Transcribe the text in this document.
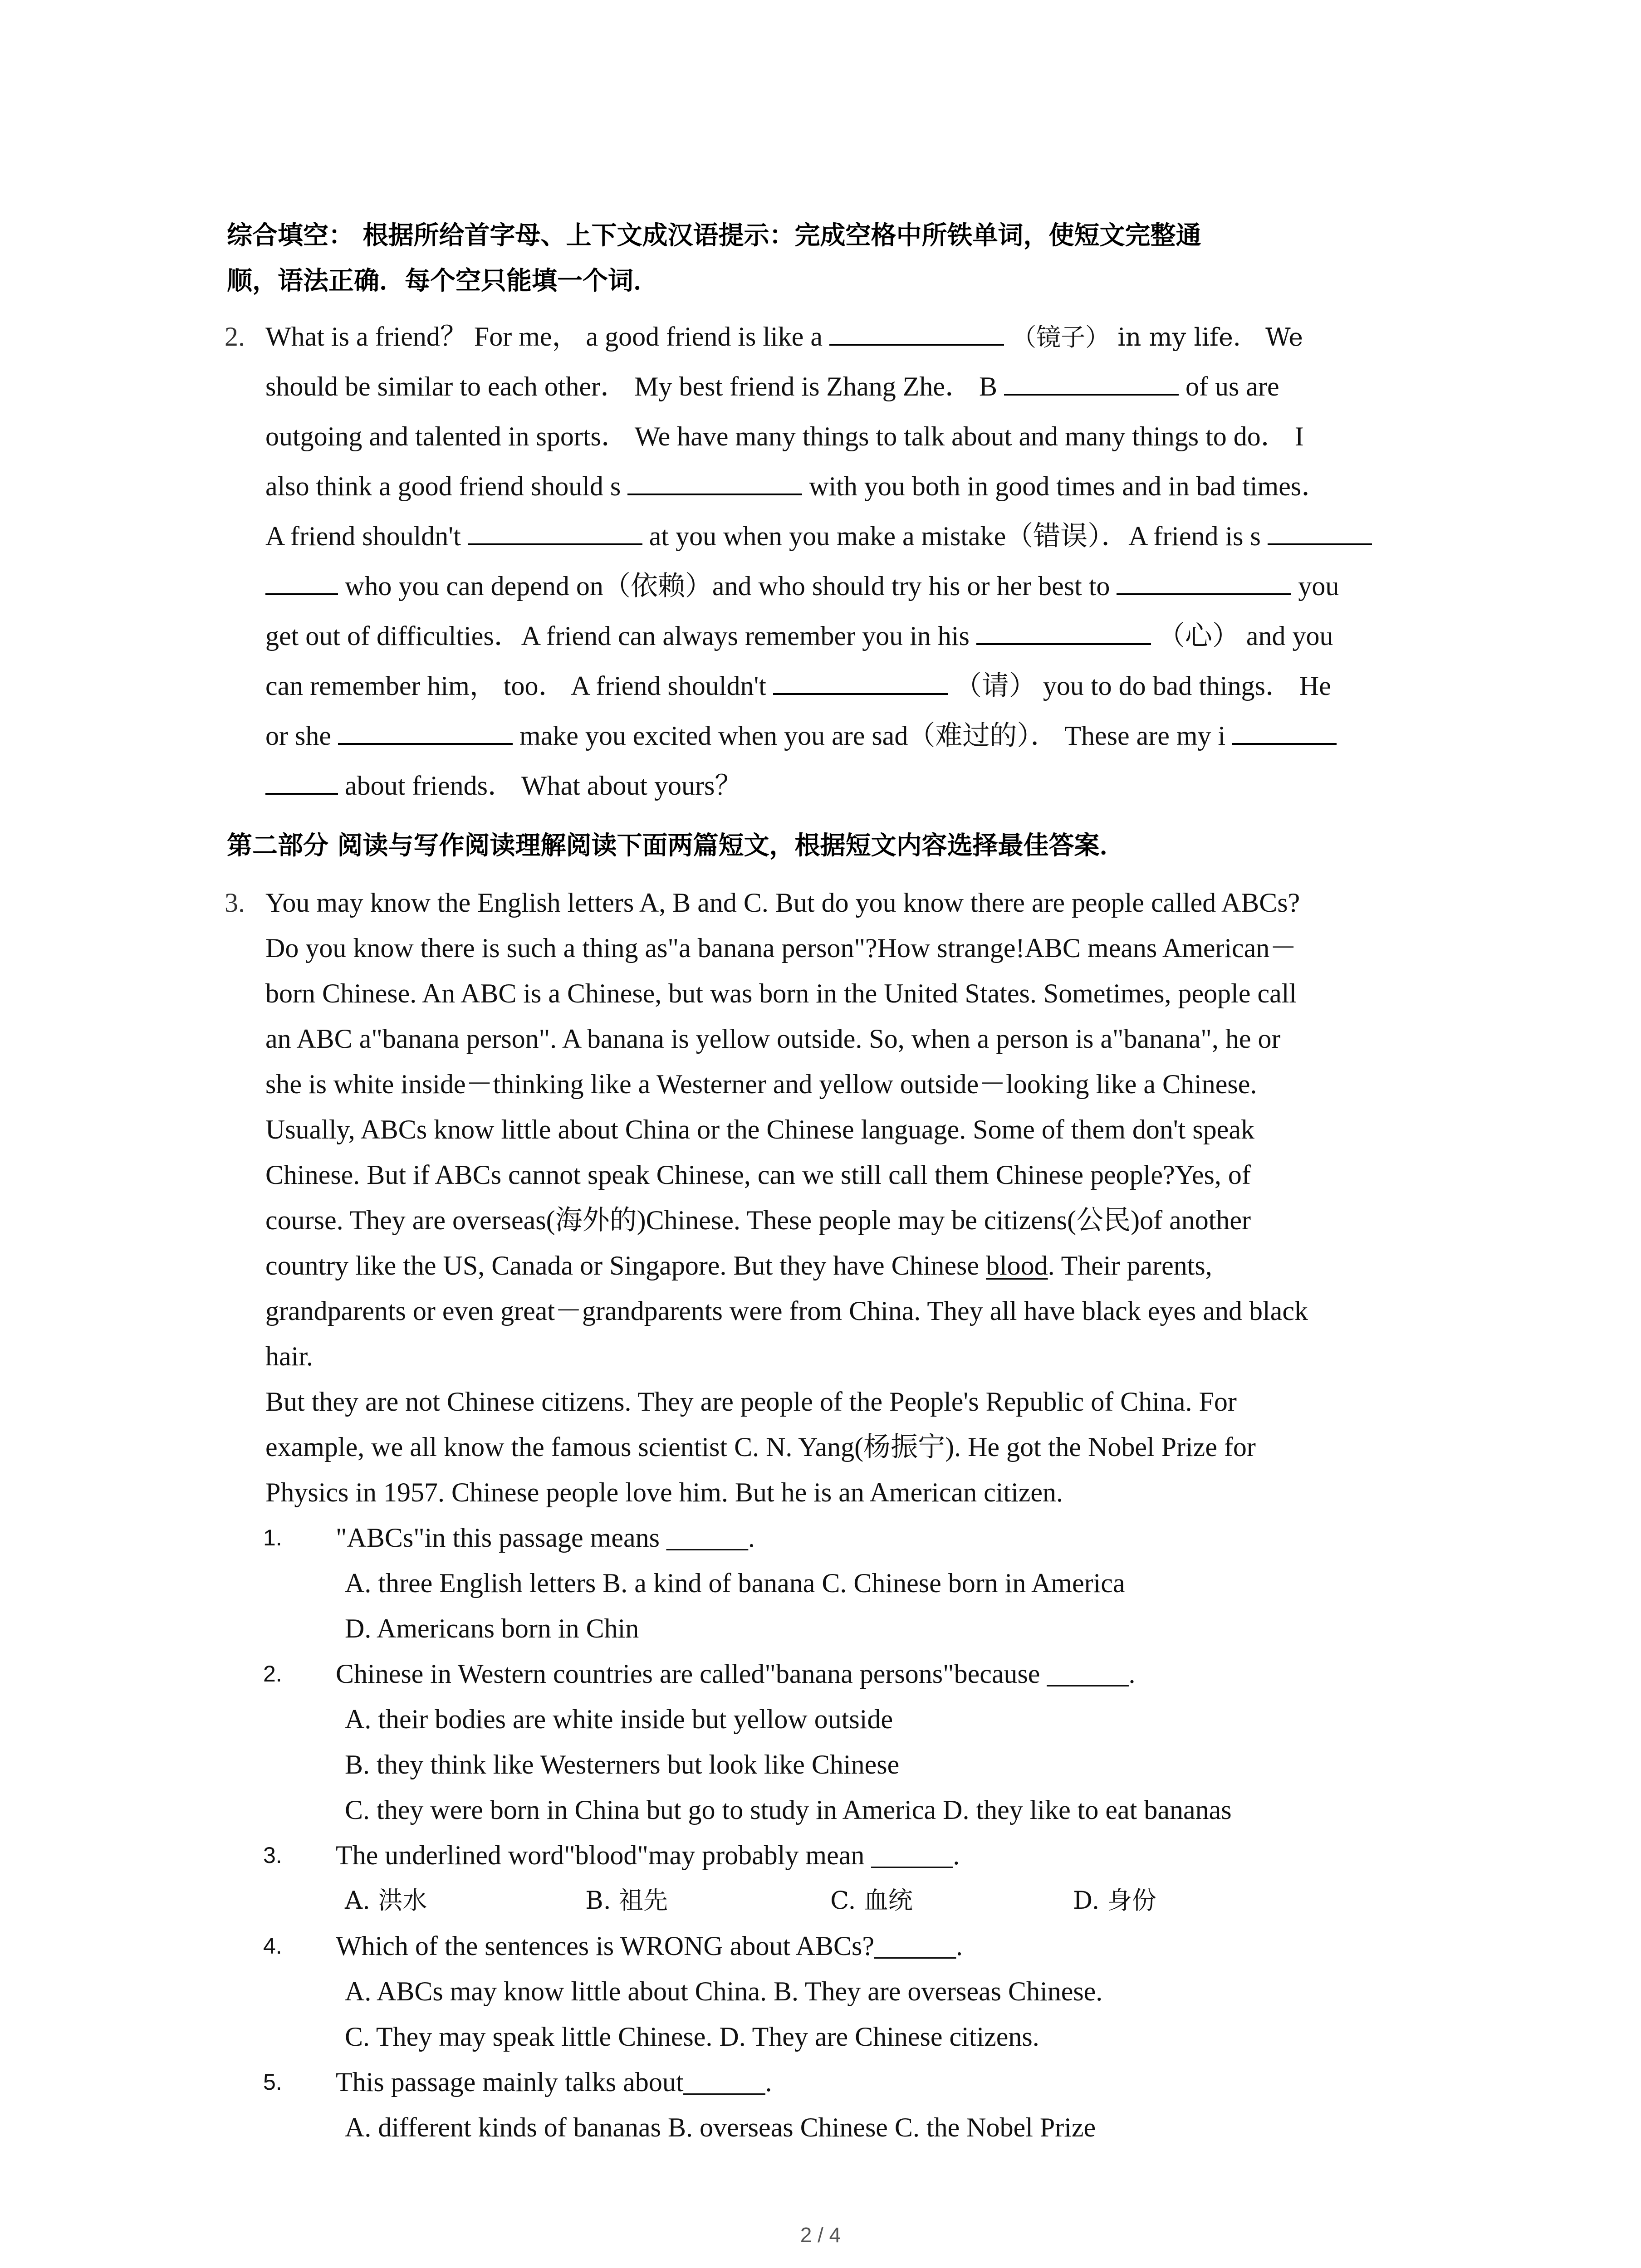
综合填空： 根据所给首字母、上下文成汉语提示：完成空格中所铁单词，使短文完整通
顺，语法正确．每个空只能填一个词．
2. What is a friend？ For me， a good friend is like a	（镜子） in my life． We
should be similar to each other． My best friend is Zhang Zhe． B	of us are
outgoing and talented in sports． We have many things to talk about and many things to do． I
also think a good friend should s	with you both in good times and in bad times．
A friend shouldn't	at you when you make a mistake（错误）．A friend is s
who you can depend on（依赖）and who should try his or her best to	you
get out of difficulties．A friend can always remember you in his	（心） and you
can remember him， too． A friend shouldn't	（请） you to do bad things． He
or she	make you excited when you are sad（难过的）． These are my i
about friends． What about yours？
第二部分 阅读与写作阅读理解阅读下面两篇短文，根据短文内容选择最佳答案．
3. You may know the English letters A, B and C. But do you know there are people called ABCs?
Do you know there is such a thing as"a banana person"?How strange!ABC means American－
born Chinese. An ABC is a Chinese, but was born in the United States. Sometimes, people call
an ABC a"banana person". A banana is yellow outside. So, when a person is a"banana", he or
she is white inside－thinking like a Westerner and yellow outside－looking like a Chinese.
Usually, ABCs know little about China or the Chinese language. Some of them don't speak
Chinese. But if ABCs cannot speak Chinese, can we still call them Chinese people?Yes, of
course. They are overseas(海外的)Chinese. These people may be citizens(公民)of another
country like the US, Canada or Singapore. But they have Chinese blood. Their parents,
grandparents or even great－grandparents were from China. They all have black eyes and black
hair.
But they are not Chinese citizens. They are people of the People's Republic of China. For
example, we all know the famous scientist C. N. Yang(杨振宁). He got the Nobel Prize for
Physics in 1957. Chinese people love him. But he is an American citizen.
1. "ABCs"in this passage means ______.
A. three English letters B. a kind of banana C. Chinese born in America
D. Americans born in Chin
2. Chinese in Western countries are called"banana persons"because ______.
A. their bodies are white inside but yellow outside
B. they think like Westerners but look like Chinese
C. they were born in China but go to study in America D. they like to eat bananas
3. The underlined word"blood"may probably mean ______.
A. 洪水	B. 祖先	C. 血统	D. 身份
4. Which of the sentences is WRONG about ABCs?______.
A. ABCs may know little about China. B. They are overseas Chinese.
C. They may speak little Chinese. D. They are Chinese citizens.
5. This passage mainly talks about______.
A. different kinds of bananas B. overseas Chinese C. the Nobel Prize
2 / 4
